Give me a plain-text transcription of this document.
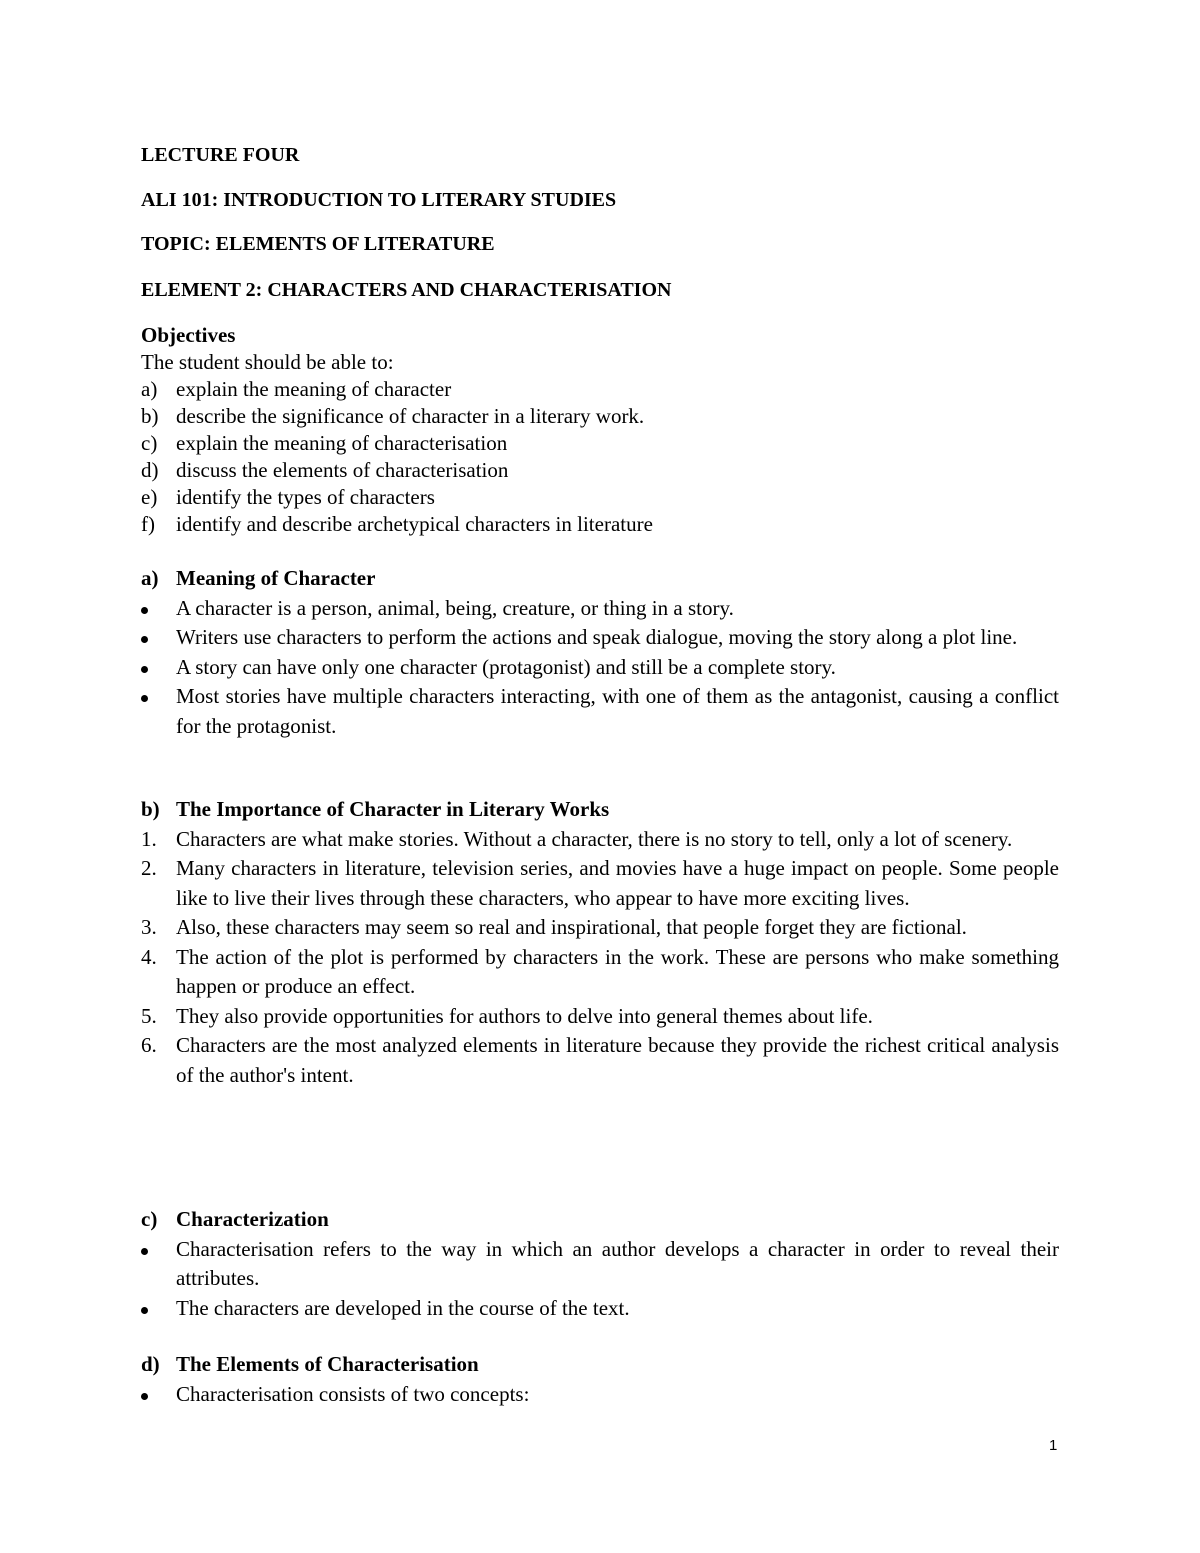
LECTURE FOUR
ALI 101: INTRODUCTION TO LITERARY STUDIES
TOPIC: ELEMENTS OF LITERATURE
ELEMENT 2: CHARACTERS AND CHARACTERISATION
Objectives
The student should be able to:
a) explain the meaning of character
b) describe the significance of character in a literary work.
c) explain the meaning of characterisation
d) discuss the elements of characterisation
e) identify the types of characters
f) identify and describe archetypical characters in literature
a) Meaning of Character
A character is a person, animal, being, creature, or thing in a story.
Writers use characters to perform the actions and speak dialogue, moving the story along a plot line.
A story can have only one character (protagonist) and still be a complete story.
Most stories have multiple characters interacting, with one of them as the antagonist, causing a conflict for the protagonist.
b) The Importance of Character in Literary Works
1. Characters are what make stories. Without a character, there is no story to tell, only a lot of scenery.
2. Many characters in literature, television series, and movies have a huge impact on people. Some people like to live their lives through these characters, who appear to have more exciting lives.
3. Also, these characters may seem so real and inspirational, that people forget they are fictional.
4. The action of the plot is performed by characters in the work. These are persons who make something happen or produce an effect.
5. They also provide opportunities for authors to delve into general themes about life.
6. Characters are the most analyzed elements in literature because they provide the richest critical analysis of the author's intent.
c) Characterization
Characterisation refers to the way in which an author develops a character in order to reveal their attributes.
The characters are developed in the course of the text.
d) The Elements of Characterisation
Characterisation consists of two concepts:
1
